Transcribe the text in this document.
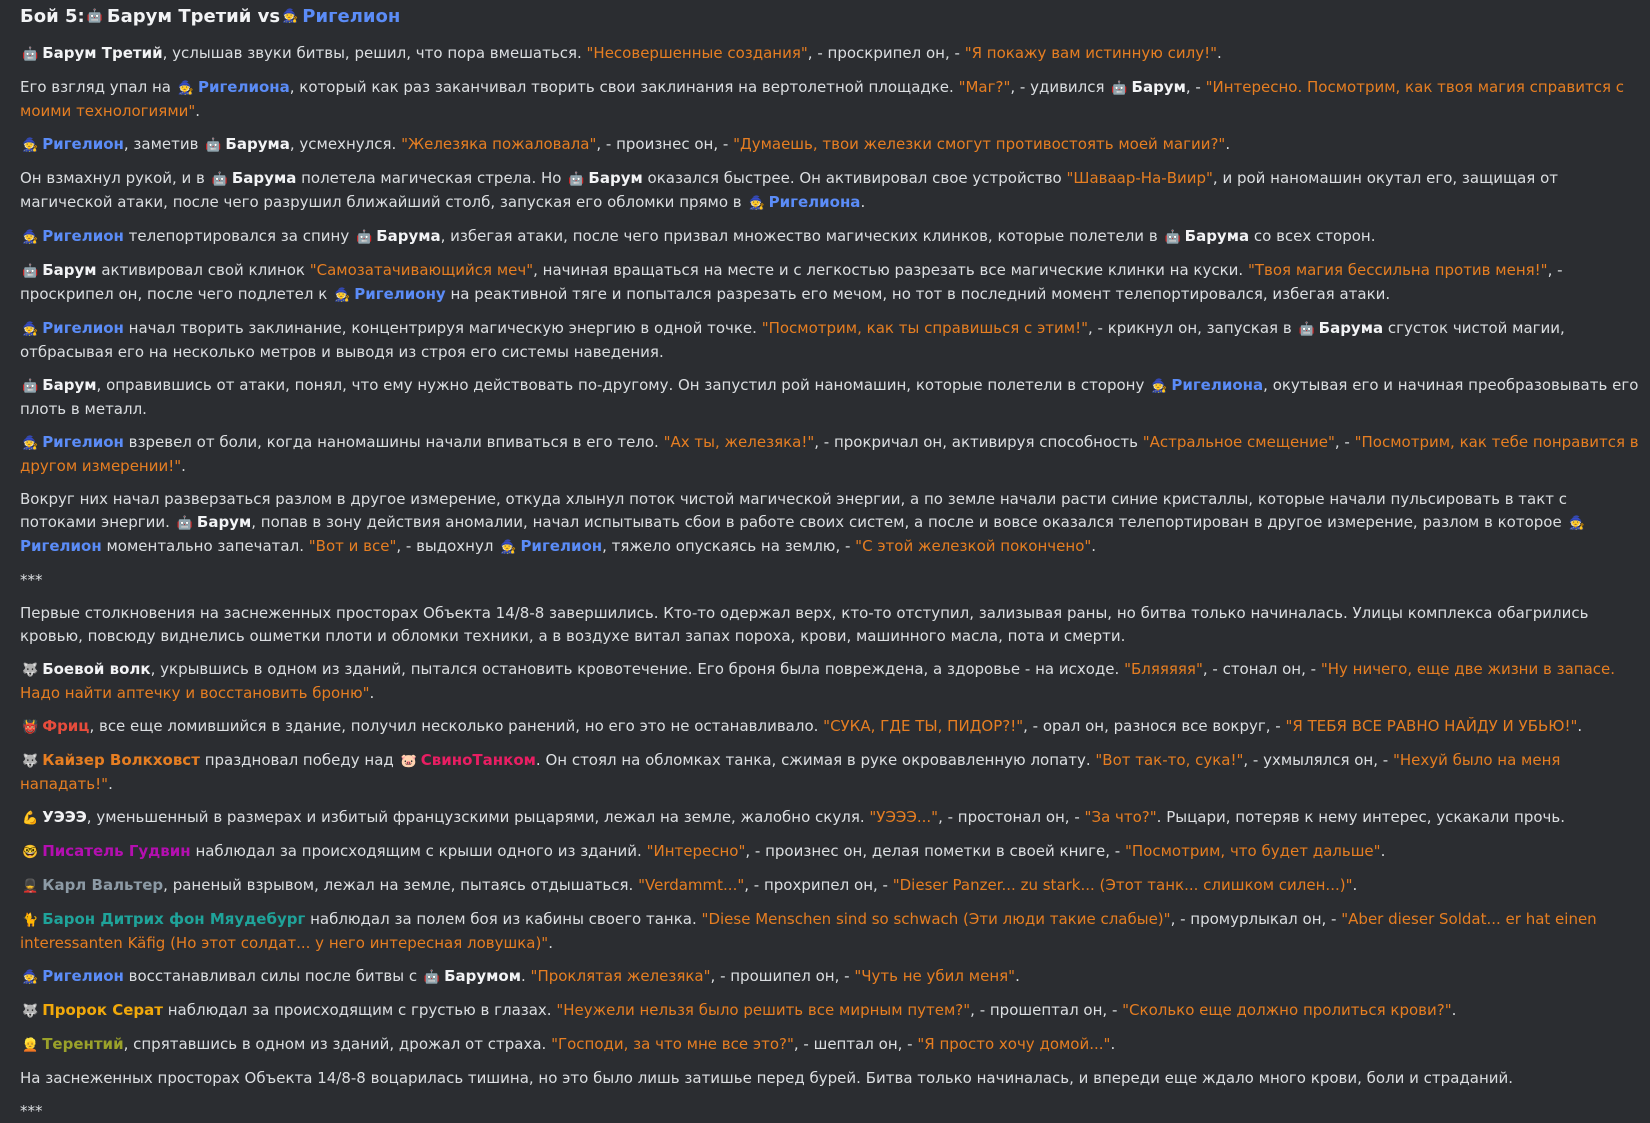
Бой 5: 🤖 Барум Третий
vs 🧙 Ригелион

🤖 Барум Третий, услышав звуки битвы, решил, что пора вмешаться. "Несовершенные создания", - проскрипел он, - "Я покажу вам истинную силу!".

Его взгляд упал на 🧙 Ригелиона, который как раз заканчивал творить свои заклинания на вертолетной площадке. "Маг?", - удивился 🤖 Барум, - "Интересно. Посмотрим, как твоя магия справится с моими технологиями".

🧙 Ригелион, заметив 🤖 Барума, усмехнулся. "Железяка пожаловала", - произнес он, - "Думаешь, твои железки смогут противостоять моей магии?".

Он взмахнул рукой, и в 🤖 Барума полетела магическая стрела. Но 🤖 Барум оказался быстрее. Он активировал свое устройство "Шаваар-На-Виир", и рой наномашин окутал его, защищая от магической атаки, после чего разрушил ближайший столб, запуская его обломки прямо в 🧙 Ригелиона.

🧙 Ригелион телепортировался за спину 🤖 Барума, избегая атаки, после чего призвал множество магических клинков, которые полетели в 🤖 Барума со всех сторон.

🤖 Барум активировал свой клинок "Самозатачивающийся меч", начиная вращаться на месте и с легкостью разрезать все магические клинки на куски. "Твоя магия бессильна против меня!", - проскрипел он, после чего подлетел к 🧙 Ригелиону на реактивной тяге и попытался разрезать его мечом, но тот в последний момент телепортировался, избегая атаки.

🧙 Ригелион начал творить заклинание, концентрируя магическую энергию в одной точке. "Посмотрим, как ты справишься с этим!", - крикнул он, запуская в 🤖 Барума сгусток чистой магии, отбрасывая его на несколько метров и выводя из строя его системы наведения.

🤖 Барум, оправившись от атаки, понял, что ему нужно действовать по-другому. Он запустил рой наномашин, которые полетели в сторону 🧙 Ригелиона, окутывая его и начиная преобразовывать его плоть в металл.

🧙 Ригелион взревел от боли, когда наномашины начали впиваться в его тело. "Ах ты, железяка!", - прокричал он, активируя способность "Астральное смещение", - "Посмотрим, как тебе понравится в другом измерении!".

Вокруг них начал разверзаться разлом в другое измерение, откуда хлынул поток чистой магической энергии, а по земле начали расти синие кристаллы, которые начали пульсировать в такт с потоками энергии. 🤖 Барум, попав в зону действия аномалии, начал испытывать сбои в работе своих систем, а после и вовсе оказался телепортирован в другое измерение, разлом в которое 🧙Ригелион моментально запечатал. "Вот и все", - выдохнул 🧙 Ригелион, тяжело опускаясь на землю, - "С этой железкой покончено".

***

Первые столкновения на заснеженных просторах Объекта 14/8-8 завершились. Кто-то одержал верх, кто-то отступил, зализывая раны, но битва только начиналась. Улицы комплекса обагрились кровью, повсюду виднелись ошметки плоти и обломки техники, а в воздухе витал запах пороха, крови, машинного масла, пота и смерти.

🐺 Боевой волк, укрывшись в одном из зданий, пытался остановить кровотечение. Его броня была повреждена, а здоровье - на исходе. "Бляяяяя", - стонал он, - "Ну ничего, еще две жизни в запасе. Надо найти аптечку и восстановить броню".

👹 Фриц, все еще ломившийся в здание, получил несколько ранений, но его это не останавливало. "СУКА, ГДЕ ТЫ, ПИДОР?!", - орал он, разнося все вокруг, - "Я ТЕБЯ ВСЕ РАВНО НАЙДУ И УБЬЮ!".

🐺 Кайзер Волкховст праздновал победу над 🐷 СвиноТанком. Он стоял на обломках танка, сжимая в руке окровавленную лопату. "Вот так-то, сука!", - ухмылялся он, - "Нехуй было на меня нападать!".

💪 УЭЭЭ, уменьшенный в размерах и избитый французскими рыцарями, лежал на земле, жалобно скуля. "УЭЭЭ...", - простонал он, - "За что?". Рыцари, потеряв к нему интерес, ускакали прочь.

🤓 Писатель Гудвин наблюдал за происходящим с крыши одного из зданий. "Интересно", - произнес он, делая пометки в своей книге, - "Посмотрим, что будет дальше".

💂 Карл Вальтер, раненый взрывом, лежал на земле, пытаясь отдышаться. "Verdammt...", - прохрипел он, - "Dieser Panzer... zu stark... (Этот танк... слишком силен...)".

🐈 Барон Дитрих фон Мяудебург наблюдал за полем боя из кабины своего танка. "Diese Menschen sind so schwach (Эти люди такие слабые)", - промурлыкал он, - "Aber dieser Soldat... er hat einen interessanten Käfig (Но этот солдат... у него интересная ловушка)".

🧙 Ригелион восстанавливал силы после битвы с 🤖 Барумом. "Проклятая железяка", - прошипел он, - "Чуть не убил меня".

🐺 Пророк Серат наблюдал за происходящим с грустью в глазах. "Неужели нельзя было решить все мирным путем?", - прошептал он, - "Сколько еще должно пролиться крови?".

👱 Терентий, спрятавшись в одном из зданий, дрожал от страха. "Господи, за что мне все это?", - шептал он, - "Я просто хочу домой...".

На заснеженных просторах Объекта 14/8-8 воцарилась тишина, но это было лишь затишье перед бурей. Битва только начиналась, и впереди еще ждало много крови, боли и страданий.

***
